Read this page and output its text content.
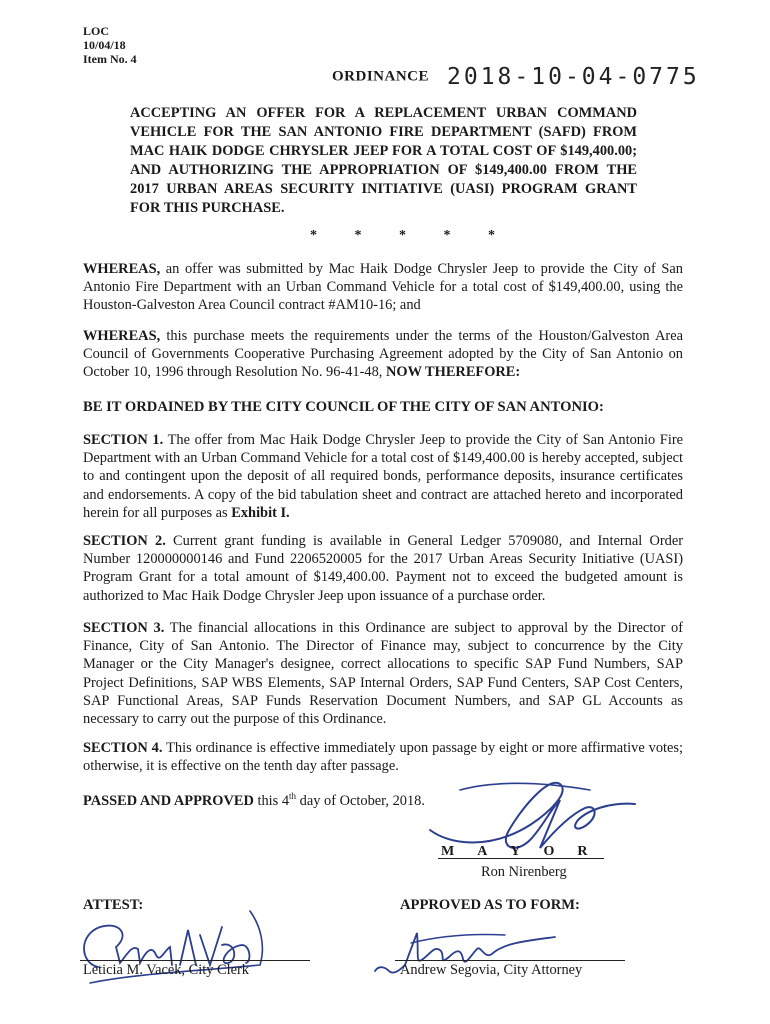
LOC
10/04/18
Item No. 4
ORDINANCE 2018-10-04-0775
ACCEPTING AN OFFER FOR A REPLACEMENT URBAN COMMAND VEHICLE FOR THE SAN ANTONIO FIRE DEPARTMENT (SAFD) FROM MAC HAIK DODGE CHRYSLER JEEP FOR A TOTAL COST OF $149,400.00; AND AUTHORIZING THE APPROPRIATION OF $149,400.00 FROM THE 2017 URBAN AREAS SECURITY INITIATIVE (UASI) PROGRAM GRANT FOR THIS PURCHASE.
* * * * *
WHEREAS, an offer was submitted by Mac Haik Dodge Chrysler Jeep to provide the City of San Antonio Fire Department with an Urban Command Vehicle for a total cost of $149,400.00, using the Houston-Galveston Area Council contract #AM10-16; and
WHEREAS, this purchase meets the requirements under the terms of the Houston/Galveston Area Council of Governments Cooperative Purchasing Agreement adopted by the City of San Antonio on October 10, 1996 through Resolution No. 96-41-48, NOW THEREFORE:
BE IT ORDAINED BY THE CITY COUNCIL OF THE CITY OF SAN ANTONIO:
SECTION 1. The offer from Mac Haik Dodge Chrysler Jeep to provide the City of San Antonio Fire Department with an Urban Command Vehicle for a total cost of $149,400.00 is hereby accepted, subject to and contingent upon the deposit of all required bonds, performance deposits, insurance certificates and endorsements. A copy of the bid tabulation sheet and contract are attached hereto and incorporated herein for all purposes as Exhibit I.
SECTION 2. Current grant funding is available in General Ledger 5709080, and Internal Order Number 120000000146 and Fund 2206520005 for the 2017 Urban Areas Security Initiative (UASI) Program Grant for a total amount of $149,400.00. Payment not to exceed the budgeted amount is authorized to Mac Haik Dodge Chrysler Jeep upon issuance of a purchase order.
SECTION 3. The financial allocations in this Ordinance are subject to approval by the Director of Finance, City of San Antonio. The Director of Finance may, subject to concurrence by the City Manager or the City Manager's designee, correct allocations to specific SAP Fund Numbers, SAP Project Definitions, SAP WBS Elements, SAP Internal Orders, SAP Fund Centers, SAP Cost Centers, SAP Functional Areas, SAP Funds Reservation Document Numbers, and SAP GL Accounts as necessary to carry out the purpose of this Ordinance.
SECTION 4. This ordinance is effective immediately upon passage by eight or more affirmative votes; otherwise, it is effective on the tenth day after passage.
PASSED AND APPROVED this 4th day of October, 2018.
M A Y O R
Ron Nirenberg
ATTEST:	APPROVED AS TO FORM:
Leticia M. Vacek, City Clerk	Andrew Segovia, City Attorney
